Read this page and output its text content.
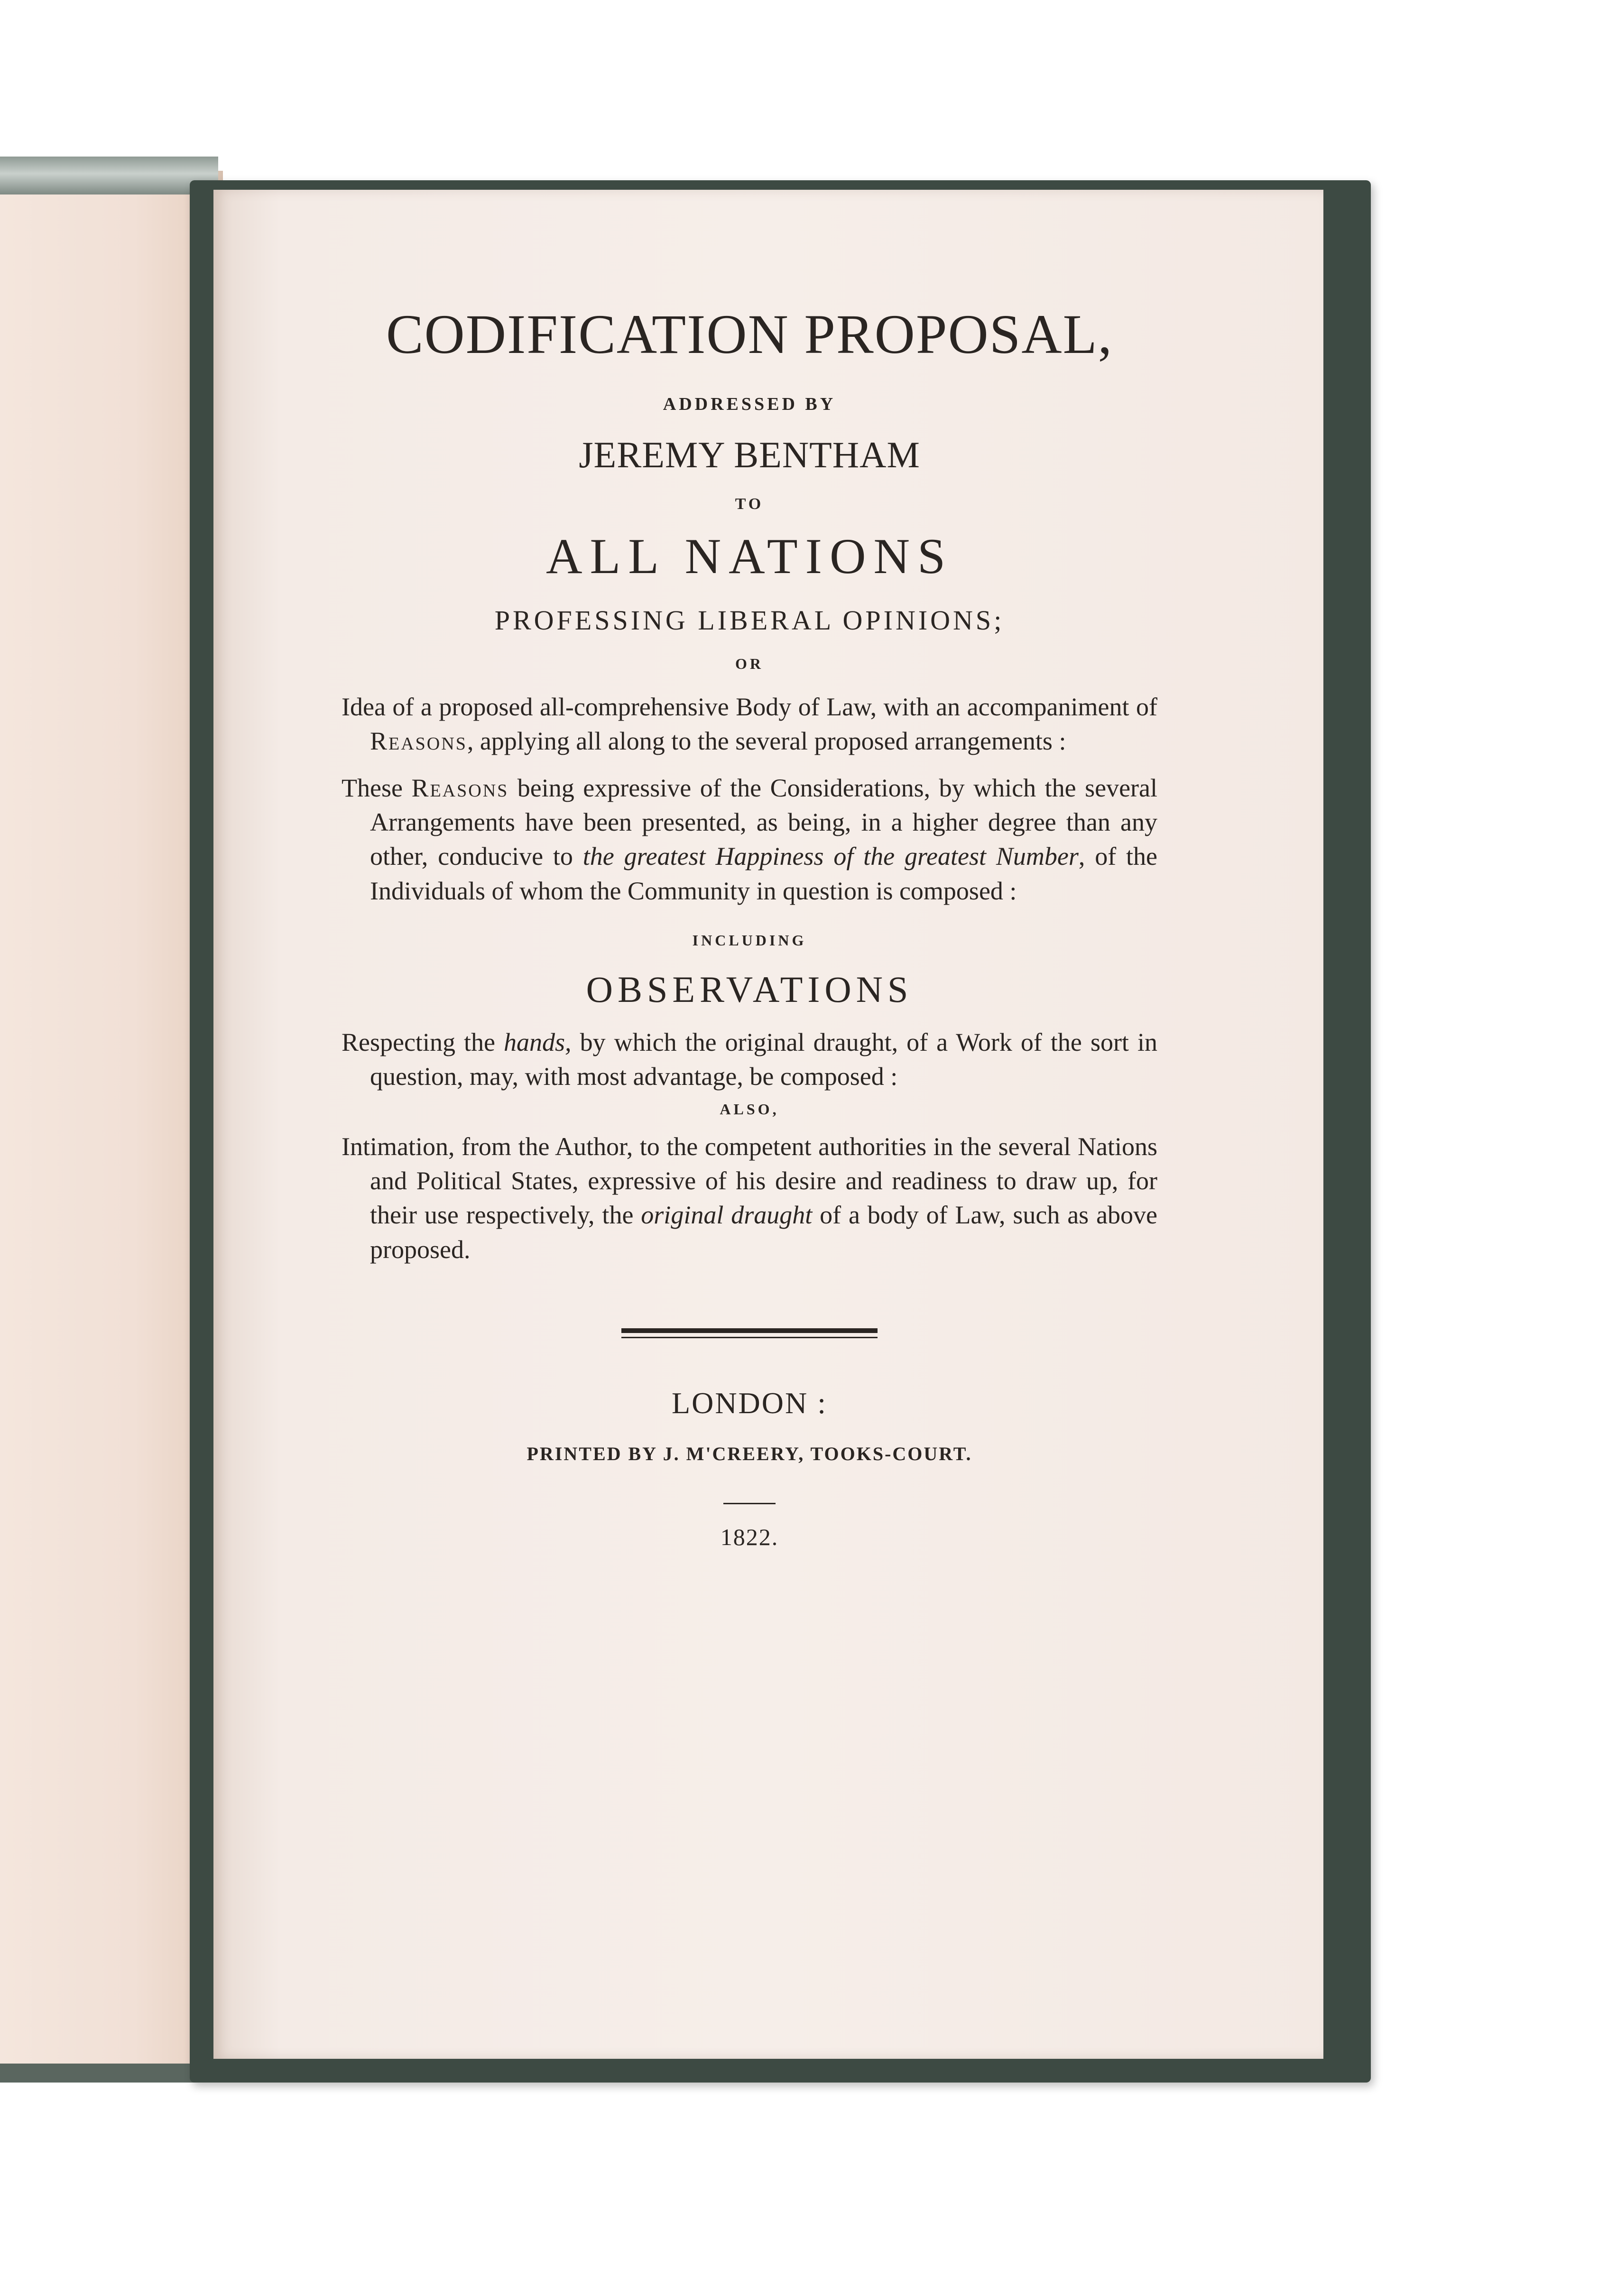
CODIFICATION PROPOSAL,
ADDRESSED BY
JEREMY BENTHAM
TO
ALL NATIONS
PROFESSING LIBERAL OPINIONS;
OR
Idea of a proposed all-comprehensive Body of Law, with an accompaniment of Reasons, applying all along to the several proposed arrangements :
These Reasons being expressive of the Considerations, by which the several Arrangements have been presented, as being, in a higher degree than any other, conducive to the greatest Happiness of the greatest Number, of the Individuals of whom the Community in question is composed :
INCLUDING
OBSERVATIONS
Respecting the hands, by which the original draught, of a Work of the sort in question, may, with most advantage, be composed :
ALSO,
Intimation, from the Author, to the competent authorities in the several Nations and Political States, expressive of his desire and readiness to draw up, for their use respectively, the original draught of a body of Law, such as above proposed.
LONDON :
PRINTED BY J. M'CREERY, TOOKS-COURT.
1822.
